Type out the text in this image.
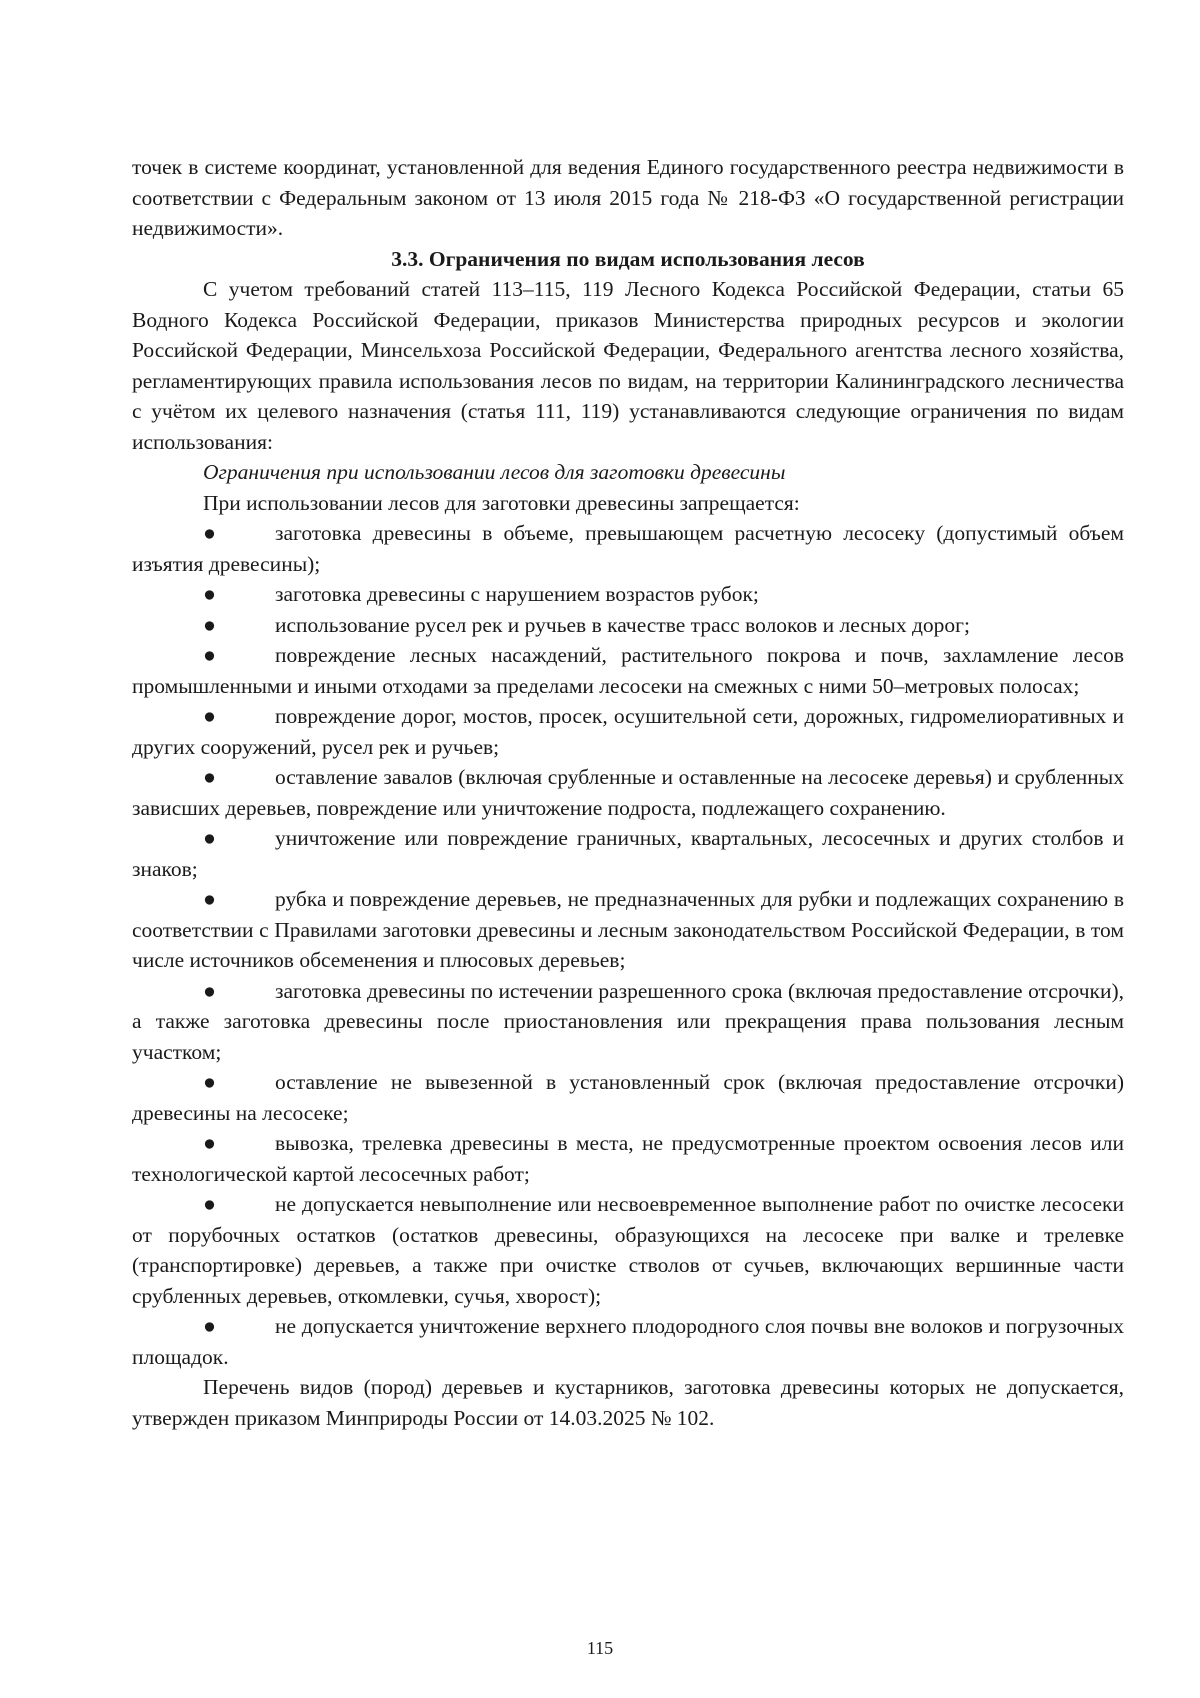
точек в системе координат, установленной для ведения Единого государственного реестра недвижимости в соответствии с Федеральным законом от 13 июля 2015 года № 218-ФЗ «О государственной регистрации недвижимости».

3.3. Ограничения по видам использования лесов

С учетом требований статей 113–115, 119 Лесного Кодекса Российской Федерации, статьи 65 Водного Кодекса Российской Федерации, приказов Министерства природных ресурсов и экологии Российской Федерации, Минсельхоза Российской Федерации, Федерального агентства лесного хозяйства, регламентирующих правила использования лесов по видам, на территории Калининградского лесничества с учётом их целевого назначения (статья 111, 119) устанавливаются следующие ограничения по видам использования:

Ограничения при использовании лесов для заготовки древесины

При использовании лесов для заготовки древесины запрещается:

●	заготовка древесины в объеме, превышающем расчетную лесосеку (допустимый объем изъятия древесины);

●	заготовка древесины с нарушением возрастов рубок;

●	использование русел рек и ручьев в качестве трасс волоков и лесных дорог;

●	повреждение лесных насаждений, растительного покрова и почв, захламление лесов промышленными и иными отходами за пределами лесосеки на смежных с ними 50–метровых полосах;

●	повреждение дорог, мостов, просек, осушительной сети, дорожных, гидромелиоративных и других сооружений, русел рек и ручьев;

●	оставление завалов (включая срубленные и оставленные на лесосеке деревья) и срубленных зависших деревьев, повреждение или уничтожение подроста, подлежащего сохранению.

●	уничтожение или повреждение граничных, квартальных, лесосечных и других столбов и знаков;

●	рубка и повреждение деревьев, не предназначенных для рубки и подлежащих сохранению в соответствии с Правилами заготовки древесины и лесным законодательством Российской Федерации, в том числе источников обсеменения и плюсовых деревьев;

●	заготовка древесины по истечении разрешенного срока (включая предоставление отсрочки), а также заготовка древесины после приостановления или прекращения права пользования лесным участком;

●	оставление не вывезенной в установленный срок (включая предоставление отсрочки) древесины на лесосеке;

●	вывозка, трелевка древесины в места, не предусмотренные проектом освоения лесов или технологической картой лесосечных работ;

●	не допускается невыполнение или несвоевременное выполнение работ по очистке лесосеки от порубочных остатков (остатков древесины, образующихся на лесосеке при валке и трелевке (транспортировке) деревьев, а также при очистке стволов от сучьев, включающих вершинные части срубленных деревьев, откомлевки, сучья, хворост);

●	не допускается уничтожение верхнего плодородного слоя почвы вне волоков и погрузочных площадок.

Перечень видов (пород) деревьев и кустарников, заготовка древесины которых не допускается, утвержден приказом Минприроды России от 14.03.2025 № 102.

115
